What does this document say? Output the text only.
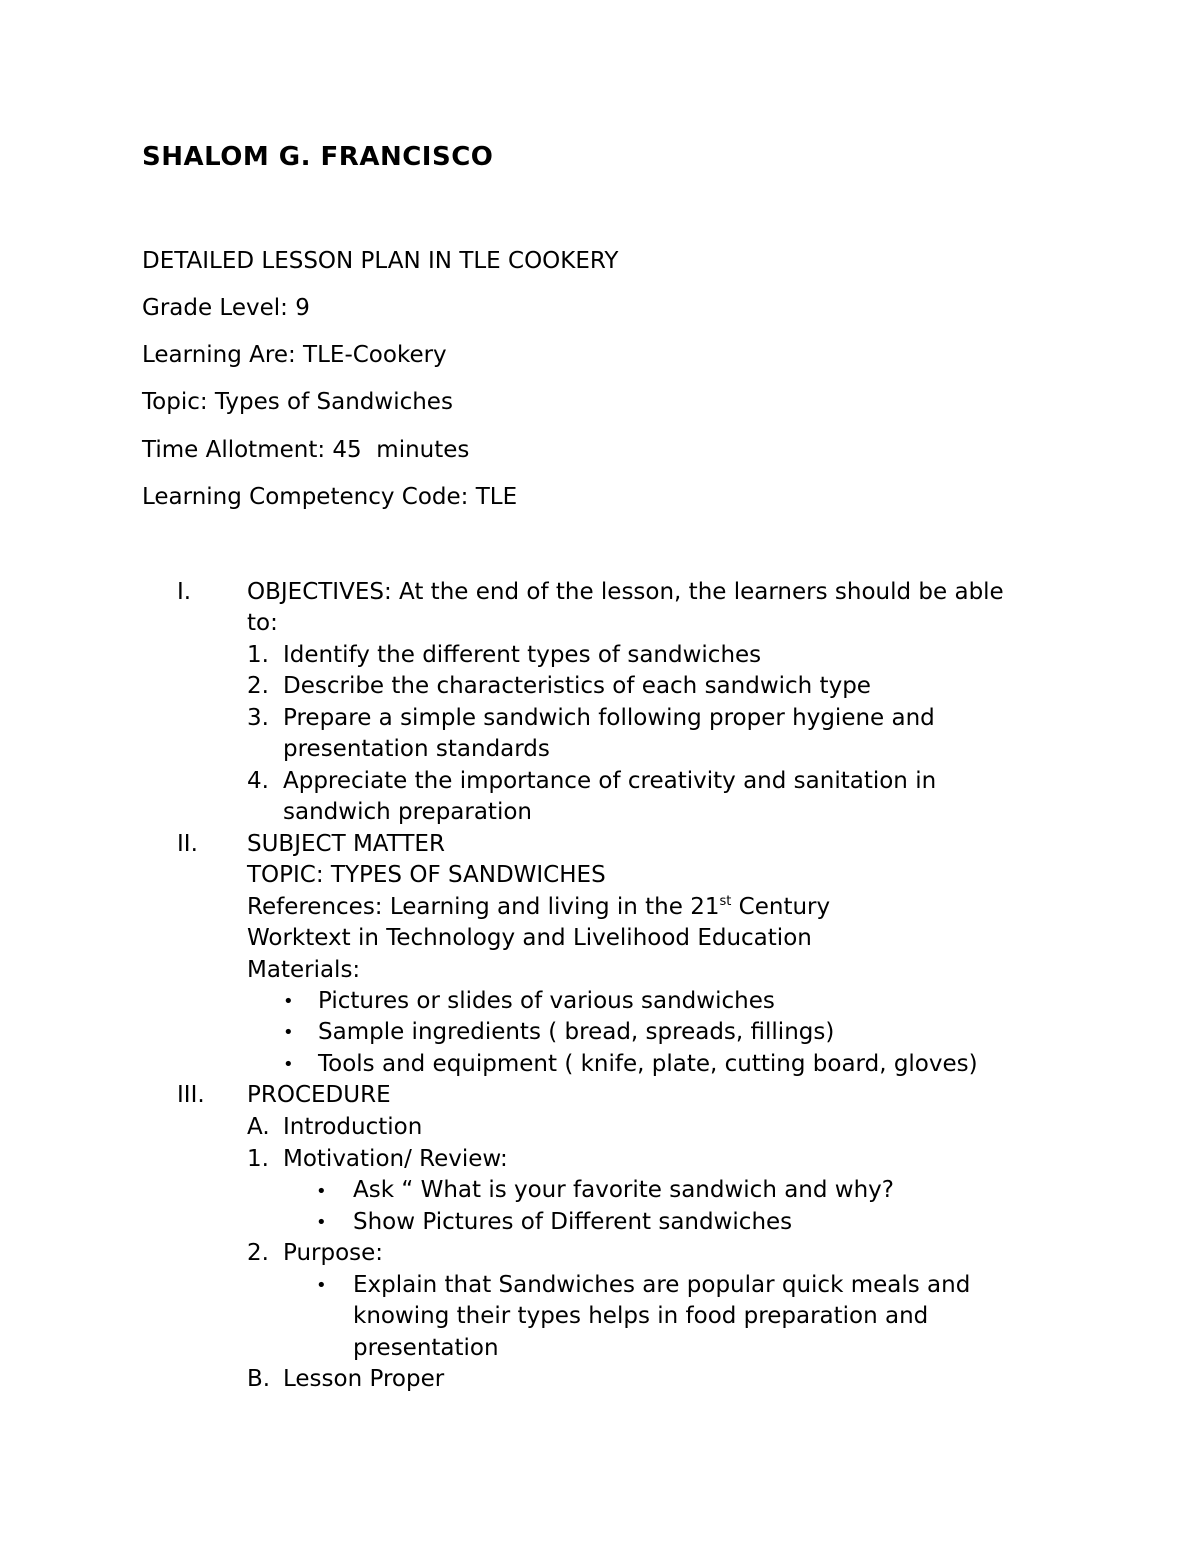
SHALOM G. FRANCISCO

DETAILED LESSON PLAN IN TLE COOKERY

Grade Level: 9

Learning Are: TLE-Cookery

Topic: Types of Sandwiches

Time Allotment: 45  minutes

Learning Competency Code: TLE

I. OBJECTIVES: At the end of the lesson, the learners should be able

to:

1. Identify the different types of sandwiches

2. Describe the characteristics of each sandwich type

3. Prepare a simple sandwich following proper hygiene and

presentation standards

4. Appreciate the importance of creativity and sanitation in

sandwich preparation

II. SUBJECT MATTER

TOPIC: TYPES OF SANDWICHES

References: Learning and living in the 21st Century

Worktext in Technology and Livelihood Education

Materials:

• Pictures or slides of various sandwiches

• Sample ingredients ( bread, spreads, fillings)

• Tools and equipment ( knife, plate, cutting board, gloves)

III. PROCEDURE

A. Introduction

1. Motivation/ Review:

• Ask “ What is your favorite sandwich and why?

• Show Pictures of Different sandwiches

2. Purpose:

• Explain that Sandwiches are popular quick meals and

knowing their types helps in food preparation and

presentation

B. Lesson Proper
